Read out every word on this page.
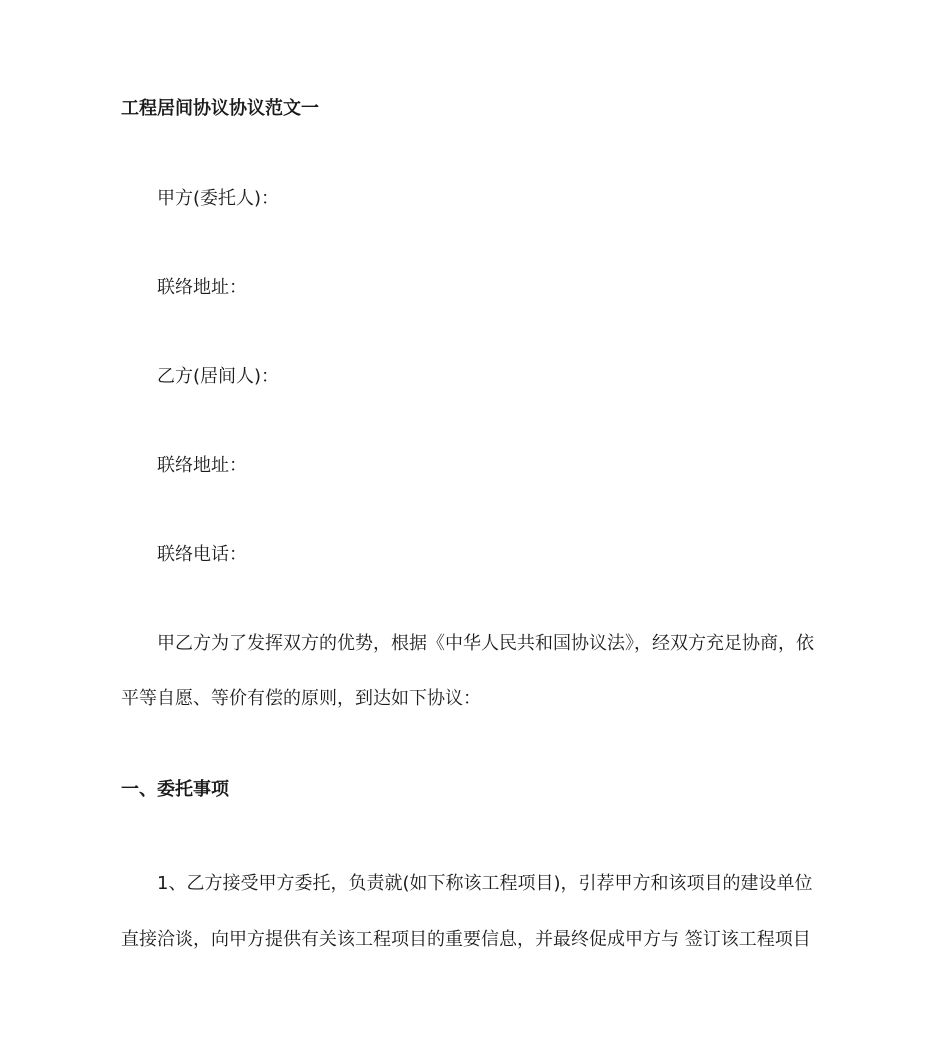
工程居间协议协议范文一
甲方(委托人)：
联络地址：
乙方(居间人)：
联络地址：
联络电话：
甲乙方为了发挥双方的优势，根据《中华人民共和国协议法》，经双方充足协商，依
平等自愿、等价有偿的原则，到达如下协议：
一、委托事项
1、乙方接受甲方委托，负责就(如下称该工程项目)，引荐甲方和该项目的建设单位
直接洽谈，向甲方提供有关该工程项目的重要信息，并最终促成甲方与 签订该工程项目
